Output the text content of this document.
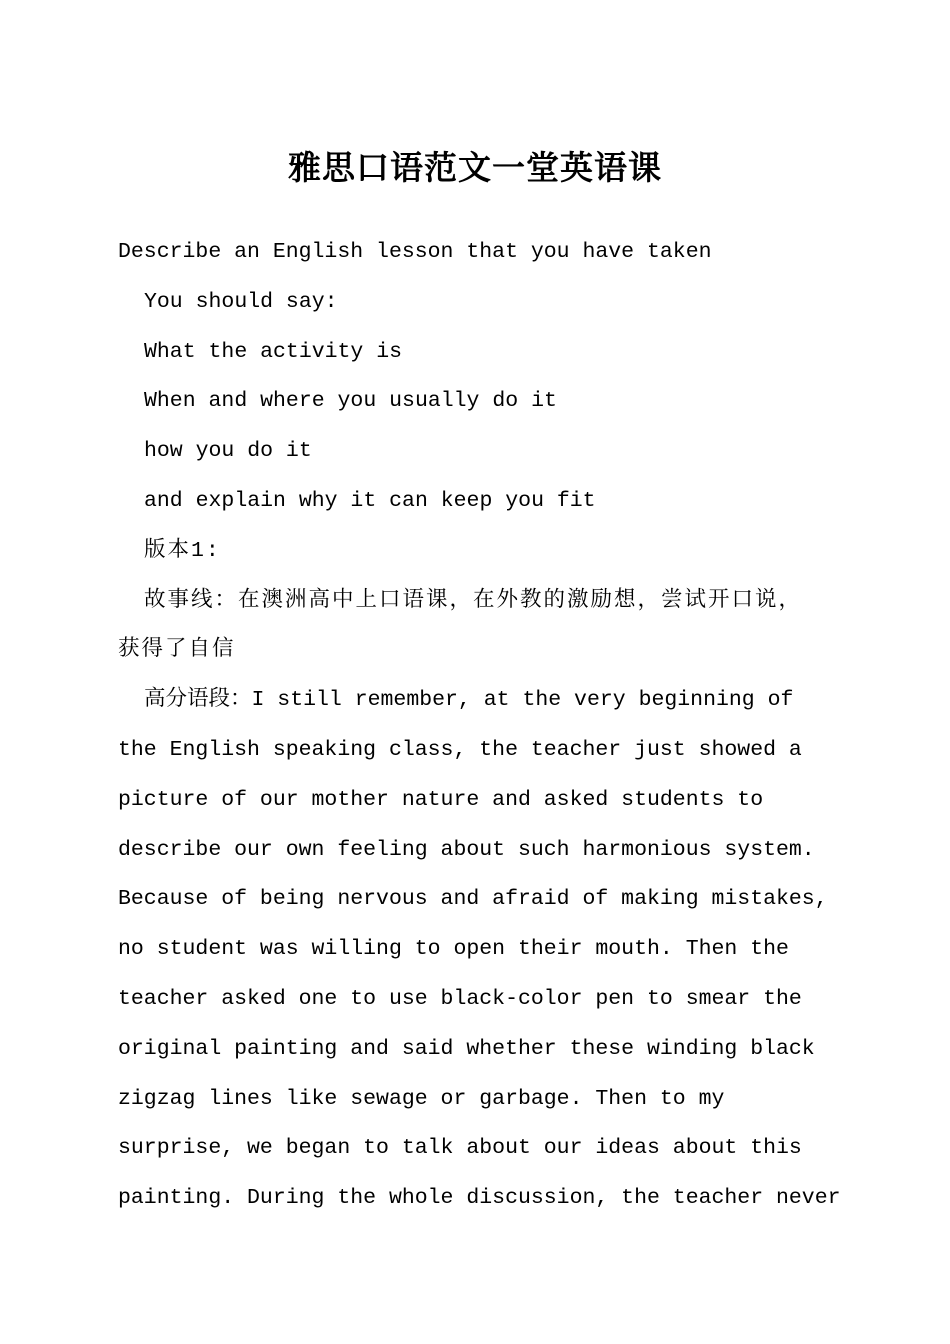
雅思口语范文一堂英语课
Describe an English lesson that you have taken
You should say:
What the activity is
When and where you usually do it
how you do it
and explain why it can keep you fit
版本1:
故事线：在澳洲高中上口语课，在外教的激励想，尝试开口说，
获得了自信
高分语段：I still remember, at the very beginning of
the English speaking class, the teacher just showed a
picture of our mother nature and asked students to
describe our own feeling about such harmonious system.
Because of being nervous and afraid of making mistakes,
no student was willing to open their mouth. Then the
teacher asked one to use black-color pen to smear the
original painting and said whether these winding black
zigzag lines like sewage or garbage. Then to my
surprise, we began to talk about our ideas about this
painting. During the whole discussion, the teacher never
